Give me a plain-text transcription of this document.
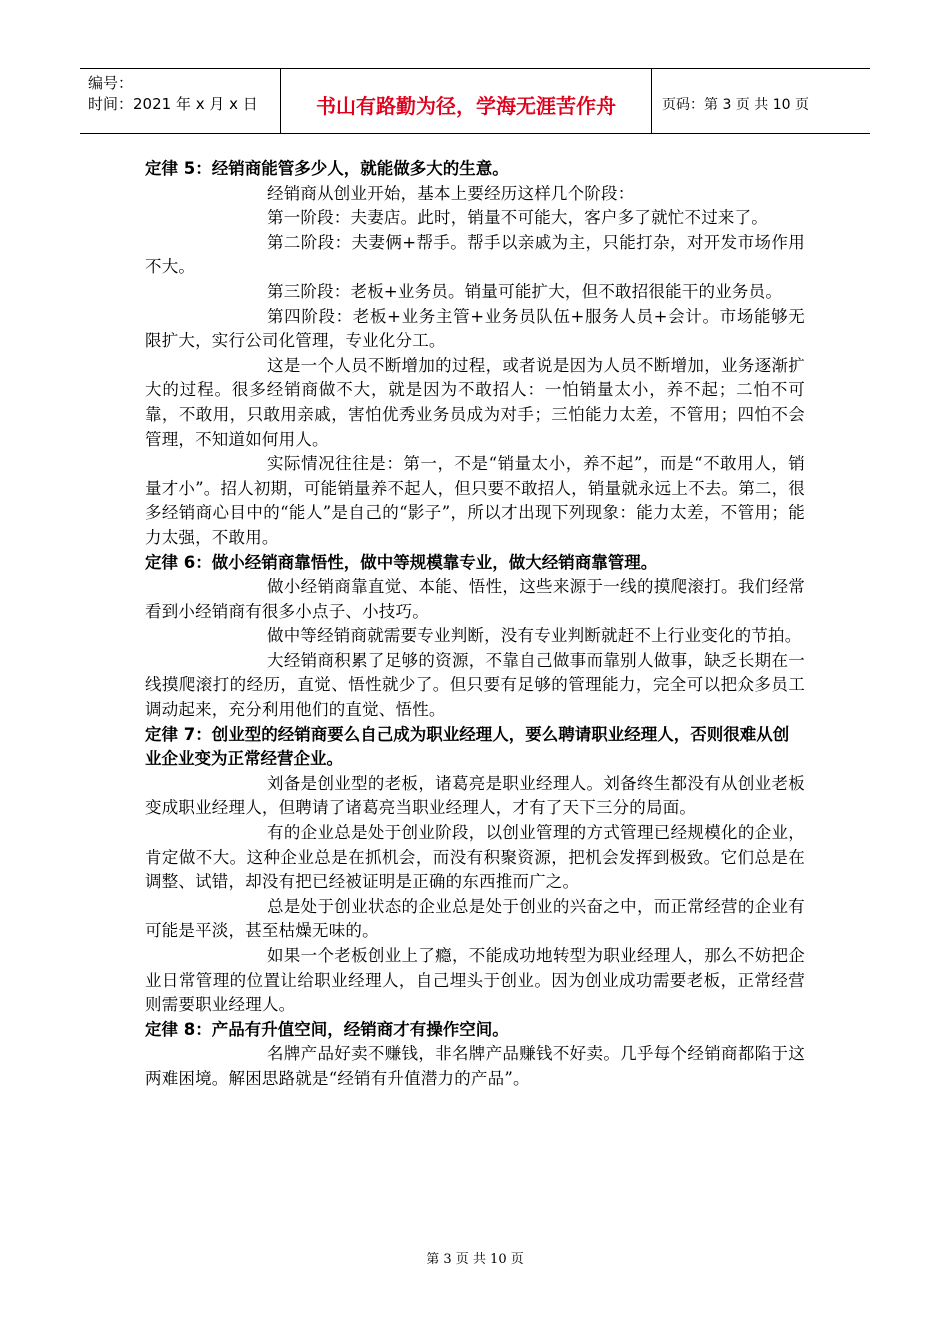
编号：
时间：2021 年 x 月 x 日	书山有路勤为径，学海无涯苦作舟	页码：第 3 页 共 10 页

定律 5：经销商能管多少人，就能做多大的生意。

经销商从创业开始，基本上要经历这样几个阶段：

第一阶段：夫妻店。此时，销量不可能大，客户多了就忙不过来了。

第二阶段：夫妻俩+帮手。帮手以亲戚为主，只能打杂，对开发市场作用不大。

第三阶段：老板+业务员。销量可能扩大，但不敢招很能干的业务员。

第四阶段：老板+业务主管+业务员队伍+服务人员+会计。市场能够无限扩大，实行公司化管理，专业化分工。

这是一个人员不断增加的过程，或者说是因为人员不断增加，业务逐渐扩大的过程。很多经销商做不大，就是因为不敢招人：一怕销量太小，养不起；二怕不可靠，不敢用，只敢用亲戚，害怕优秀业务员成为对手；三怕能力太差，不管用；四怕不会管理，不知道如何用人。

实际情况往往是：第一，不是“销量太小，养不起”，而是“不敢用人，销量才小”。招人初期，可能销量养不起人，但只要不敢招人，销量就永远上不去。第二，很多经销商心目中的“能人”是自己的“影子”，所以才出现下列现象：能力太差，不管用；能力太强，不敢用。

定律 6：做小经销商靠悟性，做中等规模靠专业，做大经销商靠管理。

做小经销商靠直觉、本能、悟性，这些来源于一线的摸爬滚打。我们经常看到小经销商有很多小点子、小技巧。

做中等经销商就需要专业判断，没有专业判断就赶不上行业变化的节拍。

大经销商积累了足够的资源，不靠自己做事而靠别人做事，缺乏长期在一线摸爬滚打的经历，直觉、悟性就少了。但只要有足够的管理能力，完全可以把众多员工调动起来，充分利用他们的直觉、悟性。

定律 7：创业型的经销商要么自己成为职业经理人，要么聘请职业经理人，否则很难从创业企业变为正常经营企业。

刘备是创业型的老板，诸葛亮是职业经理人。刘备终生都没有从创业老板变成职业经理人，但聘请了诸葛亮当职业经理人，才有了天下三分的局面。

有的企业总是处于创业阶段，以创业管理的方式管理已经规模化的企业，肯定做不大。这种企业总是在抓机会，而没有积聚资源，把机会发挥到极致。它们总是在调整、试错，却没有把已经被证明是正确的东西推而广之。

总是处于创业状态的企业总是处于创业的兴奋之中，而正常经营的企业有可能是平淡，甚至枯燥无味的。

如果一个老板创业上了瘾，不能成功地转型为职业经理人，那么不妨把企业日常管理的位置让给职业经理人，自己埋头于创业。因为创业成功需要老板，正常经营则需要职业经理人。

定律 8：产品有升值空间，经销商才有操作空间。

名牌产品好卖不赚钱，非名牌产品赚钱不好卖。几乎每个经销商都陷于这两难困境。解困思路就是“经销有升值潜力的产品”。

第 3 页 共 10 页
